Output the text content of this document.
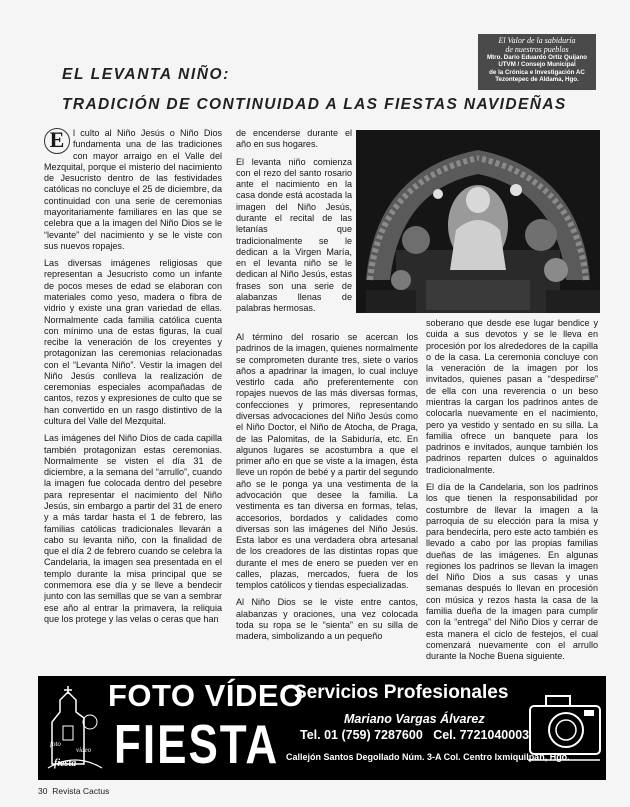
El Valor de la sabiduría
de nuestros pueblos
Mtro. Darío Eduardo Ortiz Quijano
UTVM / Consejo Municipal
de la Crónica e Investigación AC
Tezontepec de Aldama, Hgo.
EL LEVANTA NIÑO:
TRADICIÓN DE CONTINUIDAD A LAS FIESTAS NAVIDEÑAS

E l culto al Niño Jesús o Niño Dios fundamenta una de las tradiciones con mayor arraigo en el Valle del Mezquital, porque el misterio del nacimiento de Jesucristo dentro de las festividades católicas no concluye el 25 de diciembre, da continuidad con una serie de ceremonias mayoritariamente familiares en las que se celebra que a la imagen del Niño Dios se le “levante” del nacimiento y se le viste con sus nuevos ropajes.

Las diversas imágenes religiosas que representan a Jesucristo como un infante de pocos meses de edad se elaboran con materiales como yeso, madera o fibra de vidrio y existe una gran variedad de ellas. Normalmente cada familia católica cuenta con mínimo una de estas figuras, la cual recibe la veneración de los creyentes y protagonizan las ceremonias relacionadas con el “Levanta Niño”. Vestir la imagen del Niño Jesús conlleva la realización de ceremonias especiales acompañadas de cantos, rezos y expresiones de culto que se han convertido en un rasgo distintivo de la cultura del Valle del Mezquital.

Las imágenes del Niño Dios de cada capilla también protagonizan estas ceremonias. Normalmente se visten el día 31 de diciembre, a la semana del “arrullo”, cuando la imagen fue colocada dentro del pesebre para representar el nacimiento del Niño Jesús, sin embargo a partir del 31 de enero y a más tardar hasta el 1 de febrero, las familias católicas tradicionales llevarán a cabo su levanta niño, con la finalidad de que el día 2 de febrero cuando se celebra la Candelaria, la imagen sea presentada en el templo durante la misa principal que se conmemora ese día y se lleve a bendecir junto con las semillas que se van a sembrar ese año al entrar la primavera, la reliquia que los protege y las velas o ceras que han

de encenderse durante el año en sus hogares.

El levanta niño comienza con el rezo del santo rosario ante el nacimiento en la casa donde está acostada la imagen del Niño Jesús, durante el recital de las letanías que tradicionalmente se le dedican a la Virgen María, en el levanta niño se le dedican al Niño Jesús, estas frases son una serie de alabanzas llenas de palabras hermosas.

Al término del rosario se acercan los padrinos de la imagen, quienes normalmente se comprometen durante tres, siete o varios años a apadrinar la imagen, lo cual incluye vestirlo cada año preferentemente con ropajes nuevos de las más diversas formas, confecciones y primores, representando diversas advocaciones del Niño Jesús como el Niño Doctor, el Niño de Atocha, de Praga, de las Palomitas, de la Sabiduría, etc. En algunos lugares se acostumbra a que el primer año en que se viste a la imagen, ésta lleve un ropón de bebé y a partir del segundo año se le ponga ya una vestimenta de la advocación que desee la familia. La vestimenta es tan diversa en formas, telas, accesorios, bordados y calidades como diversas son las imágenes del Niño Jesús. Esta labor es una verdadera obra artesanal de los creadores de las distintas ropas que durante el mes de enero se pueden ver en calles, plazas, mercados, fuera de los templos católicos y tiendas especializadas.

Al Niño Dios se le viste entre cantos, alabanzas y oraciones, una vez colocada toda su ropa se le “sienta” en su silla de madera, simbolizando a un pequeño

soberano que desde ese lugar bendice y cuida a sus devotos y se le lleva en procesión por los alrededores de la capilla o de la casa. La ceremonia concluye con la veneración de la imagen por los invitados, quienes pasan a “despedirse” de ella con una reverencia o un beso mientras la cargan los padrinos antes de colocarla nuevamente en el nacimiento, pero ya vestido y sentado en su silla. La familia ofrece un banquete para los padrinos e invitados, aunque también los padrinos reparten dulces o aguinaldos tradicionalmente.

El día de la Candelaria, son los padrinos los que tienen la responsabilidad por costumbre de llevar la imagen a la parroquia de su elección para la misa y para bendecirla, pero este acto también es llevado a cabo por las propias familias dueñas de las imágenes. En algunas regiones los padrinos se llevan la imagen del Niño Dios a sus casas y unas semanas después lo llevan en procesión con música y rezos hasta la casa de la familia dueña de la imagen para cumplir con la “entrega” del Niño Dios y cerrar de esta manera el ciclo de festejos, el cual comenzará nuevamente con el arrullo durante la Noche Buena siguiente.

foto
video
fiesta
FOTO VÍDEO
FIESTA
Servicios Profesionales
Mariano Vargas Álvarez
Tel. 01 (759) 7287600 Cel. 7721040003
Callejón Santos Degollado Núm. 3-A Col. Centro Ixmiquilpan, Hgo.
30 Revista Cactus
